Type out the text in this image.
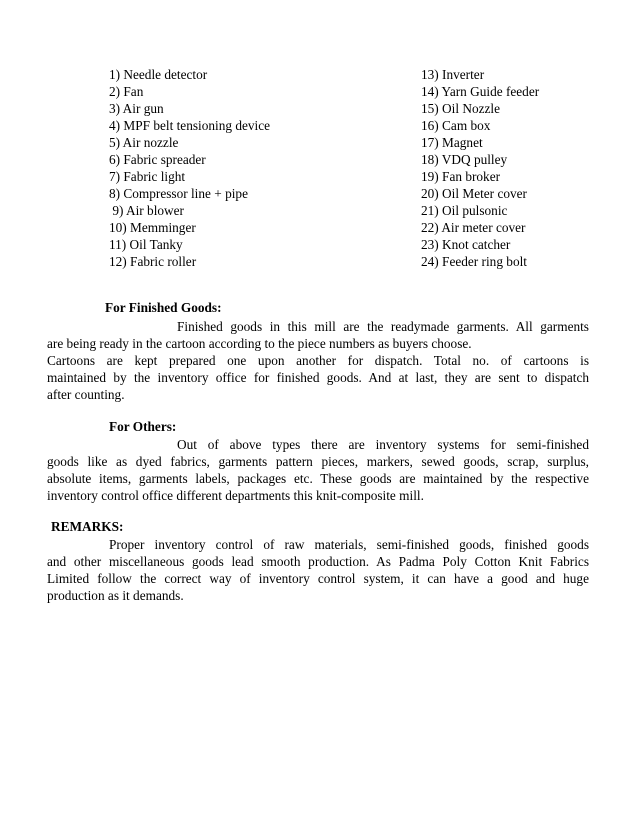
1) Needle detector	13) Inverter
2) Fan	14) Yarn Guide feeder
3) Air gun	15) Oil Nozzle
4) MPF belt tensioning device	16) Cam box
5) Air nozzle	17) Magnet
6) Fabric spreader	18) VDQ pulley
7) Fabric light	19) Fan broker
8) Compressor line + pipe	20) Oil Meter cover
9) Air blower	21) Oil pulsonic
10) Memminger	22) Air meter cover
11) Oil Tanky	23) Knot catcher
12) Fabric roller	24) Feeder ring bolt
For Finished Goods:
Finished goods in this mill are the readymade garments. All garments
are being ready in the cartoon according to the piece numbers as buyers choose.
Cartoons are kept prepared one upon another for dispatch. Total no. of cartoons is
maintained by the inventory office for finished goods. And at last, they are sent to dispatch
after counting.
For Others:
Out of above types there are inventory systems for semi-finished
goods like as dyed fabrics, garments pattern pieces, markers, sewed goods, scrap, surplus,
absolute items, garments labels, packages etc. These goods are maintained by the respective
inventory control office different departments this knit-composite mill.
REMARKS:
Proper inventory control of raw materials, semi-finished goods, finished goods
and other miscellaneous goods lead smooth production. As Padma Poly Cotton Knit Fabrics
Limited follow the correct way of inventory control system, it can have a good and huge
production as it demands.
